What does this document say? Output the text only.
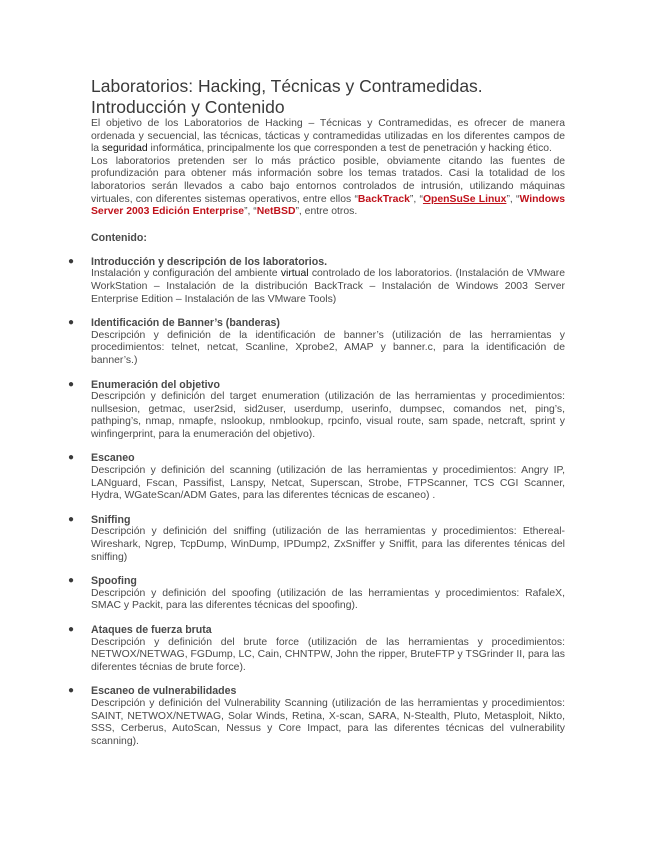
Laboratorios: Hacking, Técnicas y Contramedidas.
Introducción y Contenido

El objetivo de los Laboratorios de Hacking – Técnicas y Contramedidas, es ofrecer de manera ordenada y secuencial, las técnicas, tácticas y contramedidas utilizadas en los diferentes campos de la seguridad informática, principalmente los que corresponden a test de penetración y hacking ético.

Los laboratorios pretenden ser lo más práctico posible, obviamente citando las fuentes de profundización para obtener más información sobre los temas tratados. Casi la totalidad de los laboratorios serán llevados a cabo bajo entornos controlados de intrusión, utilizando máquinas virtuales, con diferentes sistemas operativos, entre ellos “BackTrack”, “OpenSuSe Linux”, “Windows Server 2003 Edición Enterprise”, “NetBSD”, entre otros.

Contenido:
● Introducción y descripción de los laboratorios.
Instalación y configuración del ambiente virtual controlado de los laboratorios. (Instalación de VMware WorkStation – Instalación de la distribución BackTrack – Instalación de Windows 2003 Server Enterprise Edition – Instalación de las VMware Tools)
● Identificación de Banner’s (banderas)
Descripción y definición de la identificación de banner’s (utilización de las herramientas y procedimientos: telnet, netcat, Scanline, Xprobe2, AMAP y banner.c, para la identificación de banner’s.)
● Enumeración del objetivo
Descripción y definición del target enumeration (utilización de las herramientas y procedimientos: nullsesion, getmac, user2sid, sid2user, userdump, userinfo, dumpsec, comandos net, ping’s, pathping’s, nmap, nmapfe, nslookup, nmblookup, rpcinfo, visual route, sam spade, netcraft, sprint y winfingerprint, para la enumeración del objetivo).
● Escaneo
Descripción y definición del scanning (utilización de las herramientas y procedimientos: Angry IP, LANguard, Fscan, Passifist, Lanspy, Netcat, Superscan, Strobe, FTPScanner, TCS CGI Scanner, Hydra, WGateScan/ADM Gates, para las diferentes técnicas de escaneo) .
● Sniffing
Descripción y definición del sniffing (utilización de las herramientas y procedimientos: Ethereal-Wireshark, Ngrep, TcpDump, WinDump, IPDump2, ZxSniffer y Sniffit, para las diferentes ténicas del sniffing)
● Spoofing
Descripción y definición del spoofing (utilización de las herramientas y procedimientos: RafaleX, SMAC y Packit, para las diferentes técnicas del spoofing).
● Ataques de fuerza bruta
Descripción y definición del brute force (utilización de las herramientas y procedimientos: NETWOX/NETWAG, FGDump, LC, Cain, CHNTPW, John the ripper, BruteFTP y TSGrinder II, para las diferentes técnias de brute force).
● Escaneo de vulnerabilidades
Descripción y definición del Vulnerability Scanning (utilización de las herramientas y procedimientos: SAINT, NETWOX/NETWAG, Solar Winds, Retina, X-scan, SARA, N-Stealth, Pluto, Metasploit, Nikto, SSS, Cerberus, AutoScan, Nessus y Core Impact, para las diferentes técnicas del vulnerability scanning).
